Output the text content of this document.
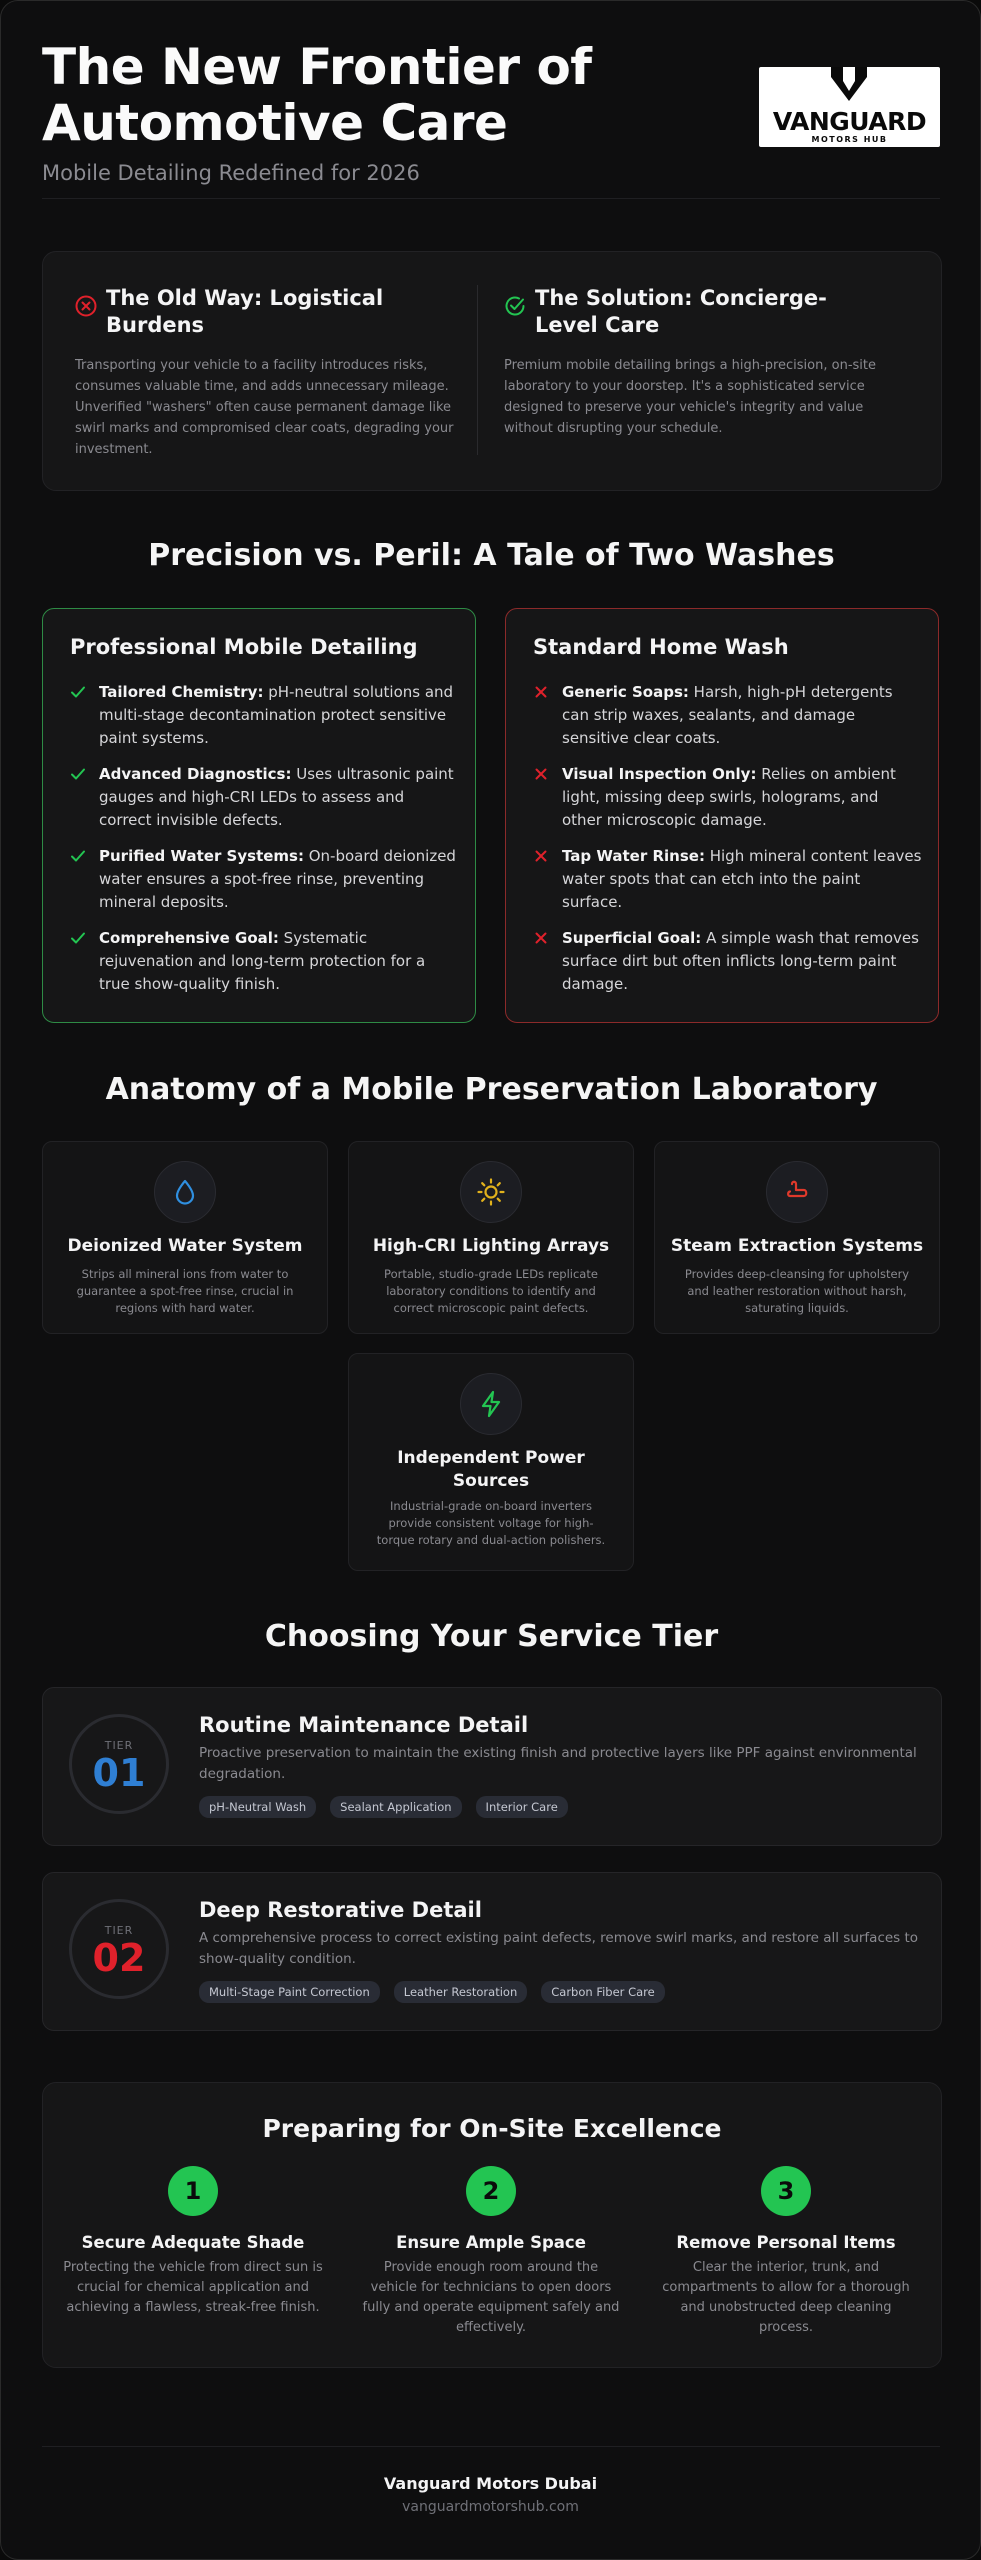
The New Frontier of
Automotive Care
Mobile Detailing Redefined for 2026
VANGUARD
MOTORS HUB
The Old Way: Logistical Burdens

Transporting your vehicle to a facility introduces risks, consumes valuable time, and adds unnecessary mileage. Unverified "washers" often cause permanent damage like swirl marks and compromised clear coats, degrading your investment.

The Solution: Concierge-Level Care

Premium mobile detailing brings a high-precision, on-site laboratory to your doorstep. It's a sophisticated service designed to preserve your vehicle's integrity and value without disrupting your schedule.

Precision vs. Peril: A Tale of Two Washes
Professional Mobile Detailing
Tailored Chemistry: pH-neutral solutions and multi-stage decontamination protect sensitive paint systems.
Advanced Diagnostics: Uses ultrasonic paint gauges and high-CRI LEDs to assess and correct invisible defects.
Purified Water Systems: On-board deionized water ensures a spot-free rinse, preventing mineral deposits.
Comprehensive Goal: Systematic rejuvenation and long-term protection for a true show-quality finish.
Standard Home Wash
Generic Soaps: Harsh, high-pH detergents can strip waxes, sealants, and damage sensitive clear coats.
Visual Inspection Only: Relies on ambient light, missing deep swirls, holograms, and other microscopic damage.
Tap Water Rinse: High mineral content leaves water spots that can etch into the paint surface.
Superficial Goal: A simple wash that removes surface dirt but often inflicts long-term paint damage.
Anatomy of a Mobile Preservation Laboratory
Deionized Water System

Strips all mineral ions from water to guarantee a spot-free rinse, crucial in regions with hard water.

High-CRI Lighting Arrays

Portable, studio-grade LEDs replicate laboratory conditions to identify and correct microscopic paint defects.

Steam Extraction Systems

Provides deep-cleansing for upholstery and leather restoration without harsh, saturating liquids.

Independent Power Sources

Industrial-grade on-board inverters provide consistent voltage for high-torque rotary and dual-action polishers.

Choosing Your Service Tier
TIER
01
Routine Maintenance Detail

Proactive preservation to maintain the existing finish and protective layers like PPF against environmental degradation.

pH-Neutral Wash	Sealant Application	Interior Care
TIER
02
Deep Restorative Detail

A comprehensive process to correct existing paint defects, remove swirl marks, and restore all surfaces to show-quality condition.

Multi-Stage Paint Correction	Leather Restoration	Carbon Fiber Care
Preparing for On-Site Excellence
1
Secure Adequate Shade

Protecting the vehicle from direct sun is crucial for chemical application and achieving a flawless, streak-free finish.

2
Ensure Ample Space

Provide enough room around the vehicle for technicians to open doors fully and operate equipment safely and effectively.

3
Remove Personal Items

Clear the interior, trunk, and compartments to allow for a thorough and unobstructed deep cleaning process.

Vanguard Motors Dubai
vanguardmotorshub.com
